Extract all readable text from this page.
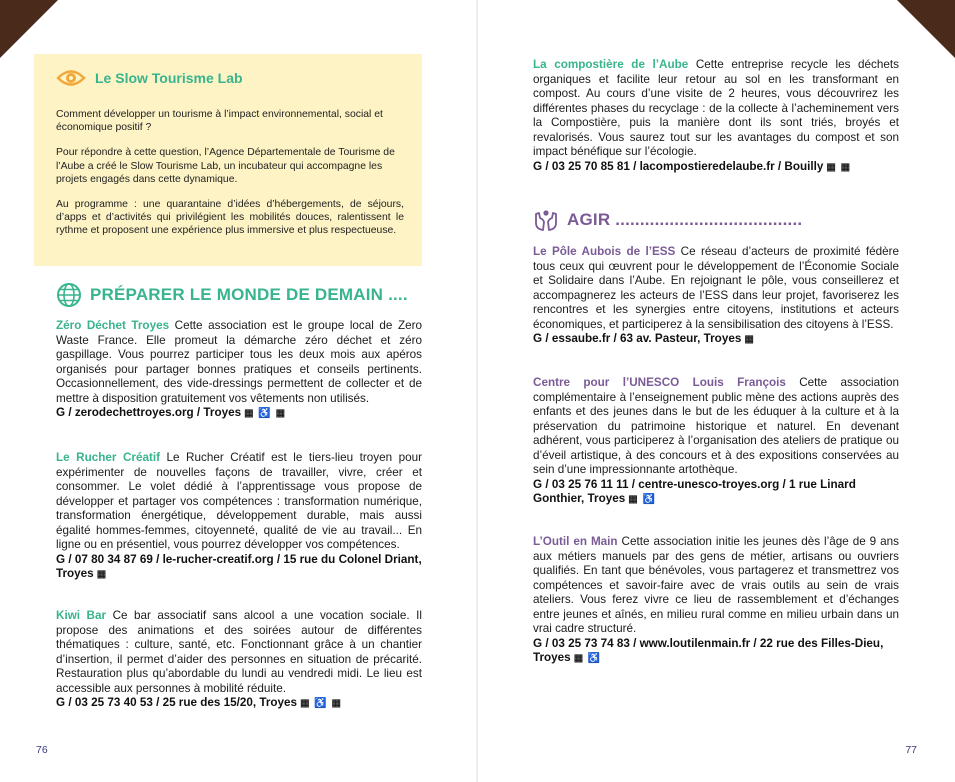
Le Slow Tourisme Lab

Comment développer un tourisme à l’impact environnemental, social et économique positif ?

Pour répondre à cette question, l’Agence Départementale de Tourisme de l’Aube a créé le Slow Tourisme Lab, un incubateur qui accompagne les projets engagés dans cette dynamique.

Au programme : une quarantaine d’idées d’hébergements, de séjours, d’apps et d’activités qui privilégient les mobilités douces, ralentissent le rythme et proposent une expérience plus immersive et plus respectueuse.

PRÉPARER LE MONDE DE DEMAIN ....
Zéro Déchet Troyes Cette association est le groupe local de Zero Waste France. Elle promeut la démarche zéro déchet et zéro gaspillage. Vous pourrez participer tous les deux mois aux apéros organisés pour partager bonnes pratiques et conseils pertinents. Occasionnellement, des vide-dressings permettent de collecter et de mettre à disposition gratuitement vos vêtements non utilisés.
G / zerodechettroyes.org / Troyes ▦ ♿ ▦
Le Rucher Créatif Le Rucher Créatif est le tiers-lieu troyen pour expérimenter de nouvelles façons de travailler, vivre, créer et consommer. Le volet dédié à l’apprentissage vous propose de développer et partager vos compétences : transformation numérique, transformation énergétique, développement durable, mais aussi égalité hommes-femmes, citoyenneté, qualité de vie au travail... En ligne ou en présentiel, vous pourrez développer vos compétences.
G / 07 80 34 87 69 / le-rucher-creatif.org / 15 rue du Colonel Driant, Troyes ▦
Kiwi Bar Ce bar associatif sans alcool a une vocation sociale. Il propose des animations et des soirées autour de différentes thématiques : culture, santé, etc. Fonctionnant grâce à un chantier d’insertion, il permet d’aider des personnes en situation de précarité. Restauration plus qu’abordable du lundi au vendredi midi. Le lieu est accessible aux personnes à mobilité réduite.
G / 03 25 73 40 53 / 25 rue des 15/20, Troyes ▦ ♿ ▦
La compostière de l’Aube Cette entreprise recycle les déchets organiques et facilite leur retour au sol en les transformant en compost. Au cours d’une visite de 2 heures, vous découvrirez les différentes phases du recyclage : de la collecte à l’acheminement vers la Compostière, puis la manière dont ils sont triés, broyés et revalorisés. Vous saurez tout sur les avantages du compost et son impact bénéfique sur l’écologie.
G / 03 25 70 85 81 / lacompostieredelaube.fr / Bouilly ▦ ▦
AGIR ......................................
Le Pôle Aubois de l’ESS Ce réseau d’acteurs de proximité fédère tous ceux qui œuvrent pour le développement de l’Économie Sociale et Solidaire dans l’Aube. En rejoignant le pôle, vous conseillerez et accompagnerez les acteurs de l’ESS dans leur projet, favoriserez les rencontres et les synergies entre citoyens, institutions et acteurs économiques, et participerez à la sensibilisation des citoyens à l’ESS.
G / essaube.fr / 63 av. Pasteur, Troyes ▦
Centre pour l’UNESCO Louis François Cette association complémentaire à l’enseignement public mène des actions auprès des enfants et des jeunes dans le but de les éduquer à la culture et à la préservation du patrimoine historique et naturel. En devenant adhérent, vous participerez à l’organisation des ateliers de pratique ou d’éveil artistique, à des concours et à des expositions conservées au sein d’une impressionnante artothèque.
G / 03 25 76 11 11 / centre-unesco-troyes.org / 1 rue Linard Gonthier, Troyes ▦ ♿
L’Outil en Main Cette association initie les jeunes dès l’âge de 9 ans aux métiers manuels par des gens de métier, artisans ou ouvriers qualifiés. En tant que bénévoles, vous partagerez et transmettrez vos compétences et savoir-faire avec de vrais outils au sein de vrais ateliers. Vous ferez vivre ce lieu de rassemblement et d’échanges entre jeunes et aînés, en milieu rural comme en milieu urbain dans un vrai cadre structuré.
G / 03 25 73 74 83 / www.loutilenmain.fr / 22 rue des Filles-Dieu, Troyes ▦ ♿
76	77
